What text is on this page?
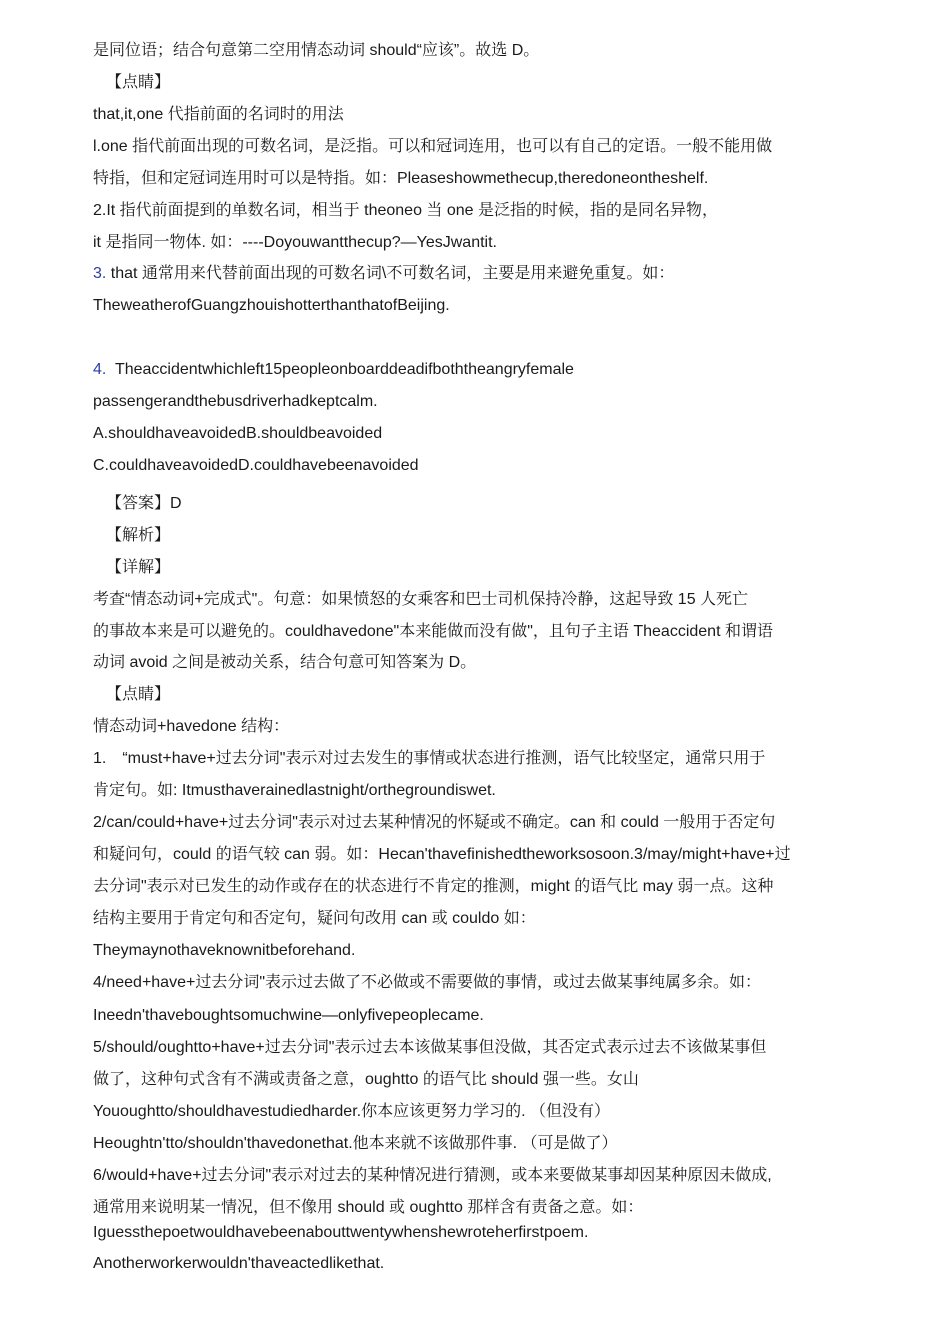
是同位语；结合句意第二空用情态动词 should“应该”。故选 D。
【点睛】
that,it,one 代指前面的名词时的用法
l.one 指代前面出现的可数名词，是泛指。可以和冠词连用，也可以有自己的定语。一般不能用做
特指，但和定冠词连用时可以是特指。如：Pleaseshowmethecup,theredoneontheshelf.
2.It 指代前面提到的单数名词，相当于 theoneo 当 one 是泛指的时候，指的是同名异物，
it 是指同一物体. 如：----Doyouwantthecup?—YesJwantit.
3. that 通常用来代替前面出现的可数名词\不可数名词，主要是用来避免重复。如：
TheweatherofGuangzhouishotterthanthatofBeijing.
4. Theaccidentwhichleft15peopleonboarddeadifboththeangryfemale
passengerandthebusdriverhadkeptcalm.
A.shouldhaveavoidedB.shouldbeavoided
C.couldhaveavoidedD.couldhavebeenavoided
【答案】D
【解析】
【详解】
考查“情态动词+完成式"。句意：如果愤怒的女乘客和巴士司机保持冷静，这起导致 15 人死亡
的事故本来是可以避免的。couldhavedone"本来能做而没有做"，且句子主语 Theaccident 和谓语
动词 avoid 之间是被动关系，结合句意可知答案为 D。
【点睛】
情态动词+havedone 结构：
1.　“must+have+过去分词"表示对过去发生的事情或状态进行推测，语气比较坚定，通常只用于
肯定句。如: Itmusthaverainedlastnight/orthegroundiswet.
2/can/could+have+过去分词"表示对过去某种情况的怀疑或不确定。can 和 could 一般用于否定句
和疑问句，could 的语气较 can 弱。如：Hecan'thavefinishedtheworksosoon.3/may/might+have+过
去分词"表示对已发生的动作或存在的状态进行不肯定的推测，might 的语气比 may 弱一点。这种
结构主要用于肯定句和否定句，疑问句改用 can 或 couldo 如：
Theymaynothaveknownitbeforehand.
4/need+have+过去分词"表示过去做了不必做或不需要做的事情，或过去做某事纯属多余。如：
Ineedn'thaveboughtsomuchwine—onlyfivepeoplecame.
5/should/oughtto+have+过去分词"表示过去本该做某事但没做，其否定式表示过去不该做某事但
做了，这种句式含有不满或责备之意，oughtto 的语气比 should 强一些。女山
Yououghtto/shouldhavestudiedharder.你本应该更努力学习的. （但没有）
Heoughtn'tto/shouldn'thavedonethat.他本来就不该做那件事. （可是做了）
6/would+have+过去分词"表示对过去的某种情况进行猜测，或本来要做某事却因某种原因未做成,
通常用来说明某一情况，但不像用 should 或 oughtto 那样含有责备之意。如：
Iguessthepoetwouldhavebeenabouttwentywhenshewroteherfirstpoem.
Anotherworkerwouldn'thaveactedlikethat.
